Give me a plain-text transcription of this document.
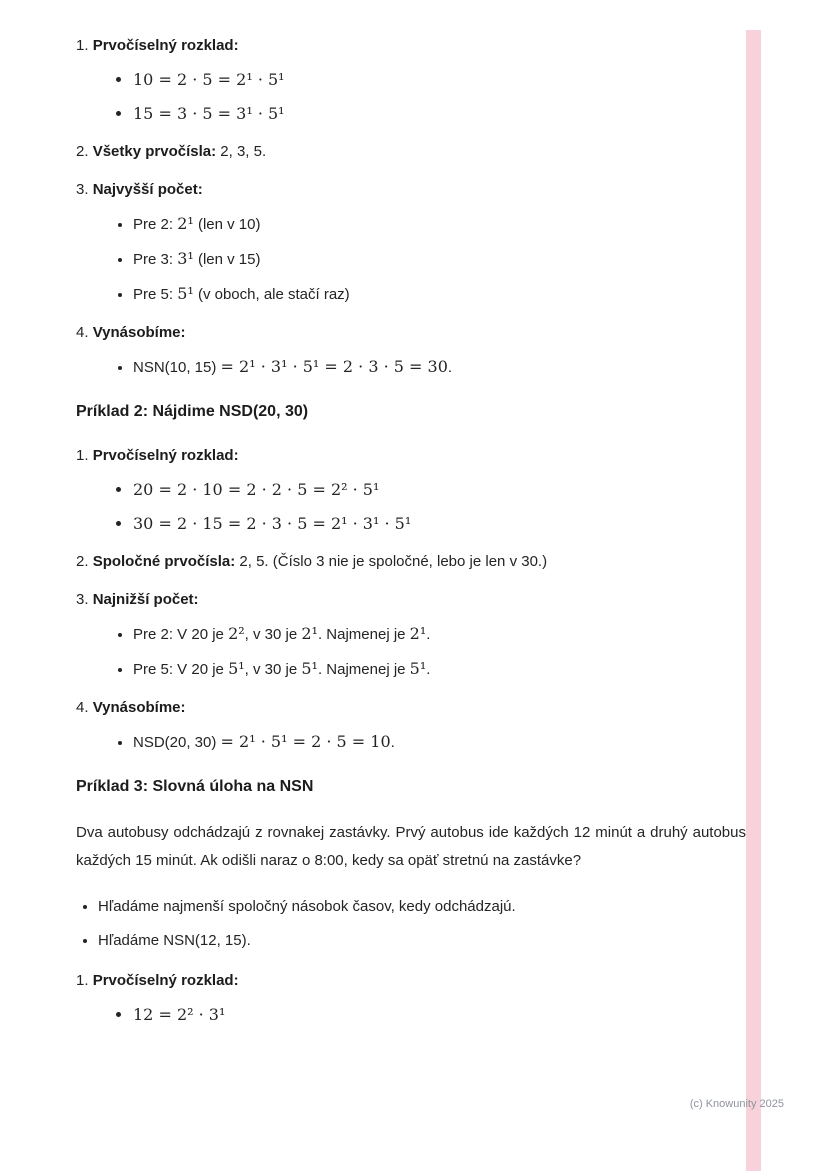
1. Prvočíselný rozklad:
• 10 = 2 · 5 = 2¹ · 5¹
• 15 = 3 · 5 = 3¹ · 5¹
2. Všetky prvočísla: 2, 3, 5.
3. Najvyšší počet:
• Pre 2: 2¹ (len v 10)
• Pre 3: 3¹ (len v 15)
• Pre 5: 5¹ (v oboch, ale stačí raz)
4. Vynásobíme:
• NSN(10, 15) = 2¹ · 3¹ · 5¹ = 2 · 3 · 5 = 30.
Príklad 2: Nájdime NSD(20, 30)
1. Prvočíselný rozklad:
• 20 = 2 · 10 = 2 · 2 · 5 = 2² · 5¹
• 30 = 2 · 15 = 2 · 3 · 5 = 2¹ · 3¹ · 5¹
2. Spoločné prvočísla: 2, 5. (Číslo 3 nie je spoločné, lebo je len v 30.)
3. Najnižší počet:
• Pre 2: V 20 je 2², v 30 je 2¹. Najmenej je 2¹.
• Pre 5: V 20 je 5¹, v 30 je 5¹. Najmenej je 5¹.
4. Vynásobíme:
• NSD(20, 30) = 2¹ · 5¹ = 2 · 5 = 10.
Príklad 3: Slovná úloha na NSN

Dva autobusy odchádzajú z rovnakej zastávky. Prvý autobus ide každých 12 minút a druhý autobus každých 15 minút. Ak odišli naraz o 8:00, kedy sa opäť stretnú na zastávke?

• Hľadáme najmenší spoločný násobok časov, kedy odchádzajú.
• Hľadáme NSN(12, 15).
1. Prvočíselný rozklad:
• 12 = 2² · 3¹
(c) Knowunity 2025
